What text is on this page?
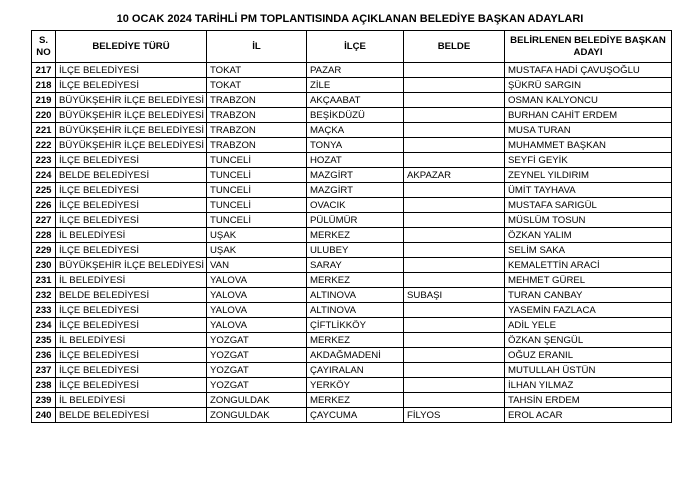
10 OCAK 2024 TARİHLİ PM TOPLANTISINDA AÇIKLANAN BELEDİYE BAŞKAN ADAYLARI
S. NO	BELEDİYE TÜRÜ	İL	İLÇE	BELDE	BELİRLENEN BELEDİYE BAŞKAN ADAYI
217	İLÇE BELEDİYESİ	TOKAT	PAZAR		MUSTAFA HADİ ÇAVUŞOĞLU
218	İLÇE BELEDİYESİ	TOKAT	ZİLE		ŞÜKRÜ SARGIN
219	BÜYÜKŞEHİR İLÇE BELEDİYESİ	TRABZON	AKÇAABAT		OSMAN KALYONCU
220	BÜYÜKŞEHİR İLÇE BELEDİYESİ	TRABZON	BEŞİKDÜZÜ		BURHAN CAHİT ERDEM
221	BÜYÜKŞEHİR İLÇE BELEDİYESİ	TRABZON	MAÇKA		MUSA TURAN
222	BÜYÜKŞEHİR İLÇE BELEDİYESİ	TRABZON	TONYA		MUHAMMET BAŞKAN
223	İLÇE BELEDİYESİ	TUNCELİ	HOZAT		SEYFİ GEYİK
224	BELDE BELEDİYESİ	TUNCELİ	MAZGİRT	AKPAZAR	ZEYNEL YILDIRIM
225	İLÇE BELEDİYESİ	TUNCELİ	MAZGİRT		ÜMİT TAYHAVA
226	İLÇE BELEDİYESİ	TUNCELİ	OVACIK		MUSTAFA SARIGÜL
227	İLÇE BELEDİYESİ	TUNCELİ	PÜLÜMÜR		MÜSLÜM TOSUN
228	İL BELEDİYESİ	UŞAK	MERKEZ		ÖZKAN YALIM
229	İLÇE BELEDİYESİ	UŞAK	ULUBEY		SELİM SAKA
230	BÜYÜKŞEHİR İLÇE BELEDİYESİ	VAN	SARAY		KEMALETTİN ARACİ
231	İL BELEDİYESİ	YALOVA	MERKEZ		MEHMET GÜREL
232	BELDE BELEDİYESİ	YALOVA	ALTINOVA	SUBAŞI	TURAN CANBAY
233	İLÇE BELEDİYESİ	YALOVA	ALTINOVA		YASEMİN FAZLACA
234	İLÇE BELEDİYESİ	YALOVA	ÇİFTLİKKÖY		ADİL YELE
235	İL BELEDİYESİ	YOZGAT	MERKEZ		ÖZKAN ŞENGÜL
236	İLÇE BELEDİYESİ	YOZGAT	AKDAĞMADENİ		OĞUZ ERANIL
237	İLÇE BELEDİYESİ	YOZGAT	ÇAYIRALAN		MUTULLAH ÜSTÜN
238	İLÇE BELEDİYESİ	YOZGAT	YERKÖY		İLHAN YILMAZ
239	İL BELEDİYESİ	ZONGULDAK	MERKEZ		TAHSİN ERDEM
240	BELDE BELEDİYESİ	ZONGULDAK	ÇAYCUMA	FİLYOS	EROL ACAR
